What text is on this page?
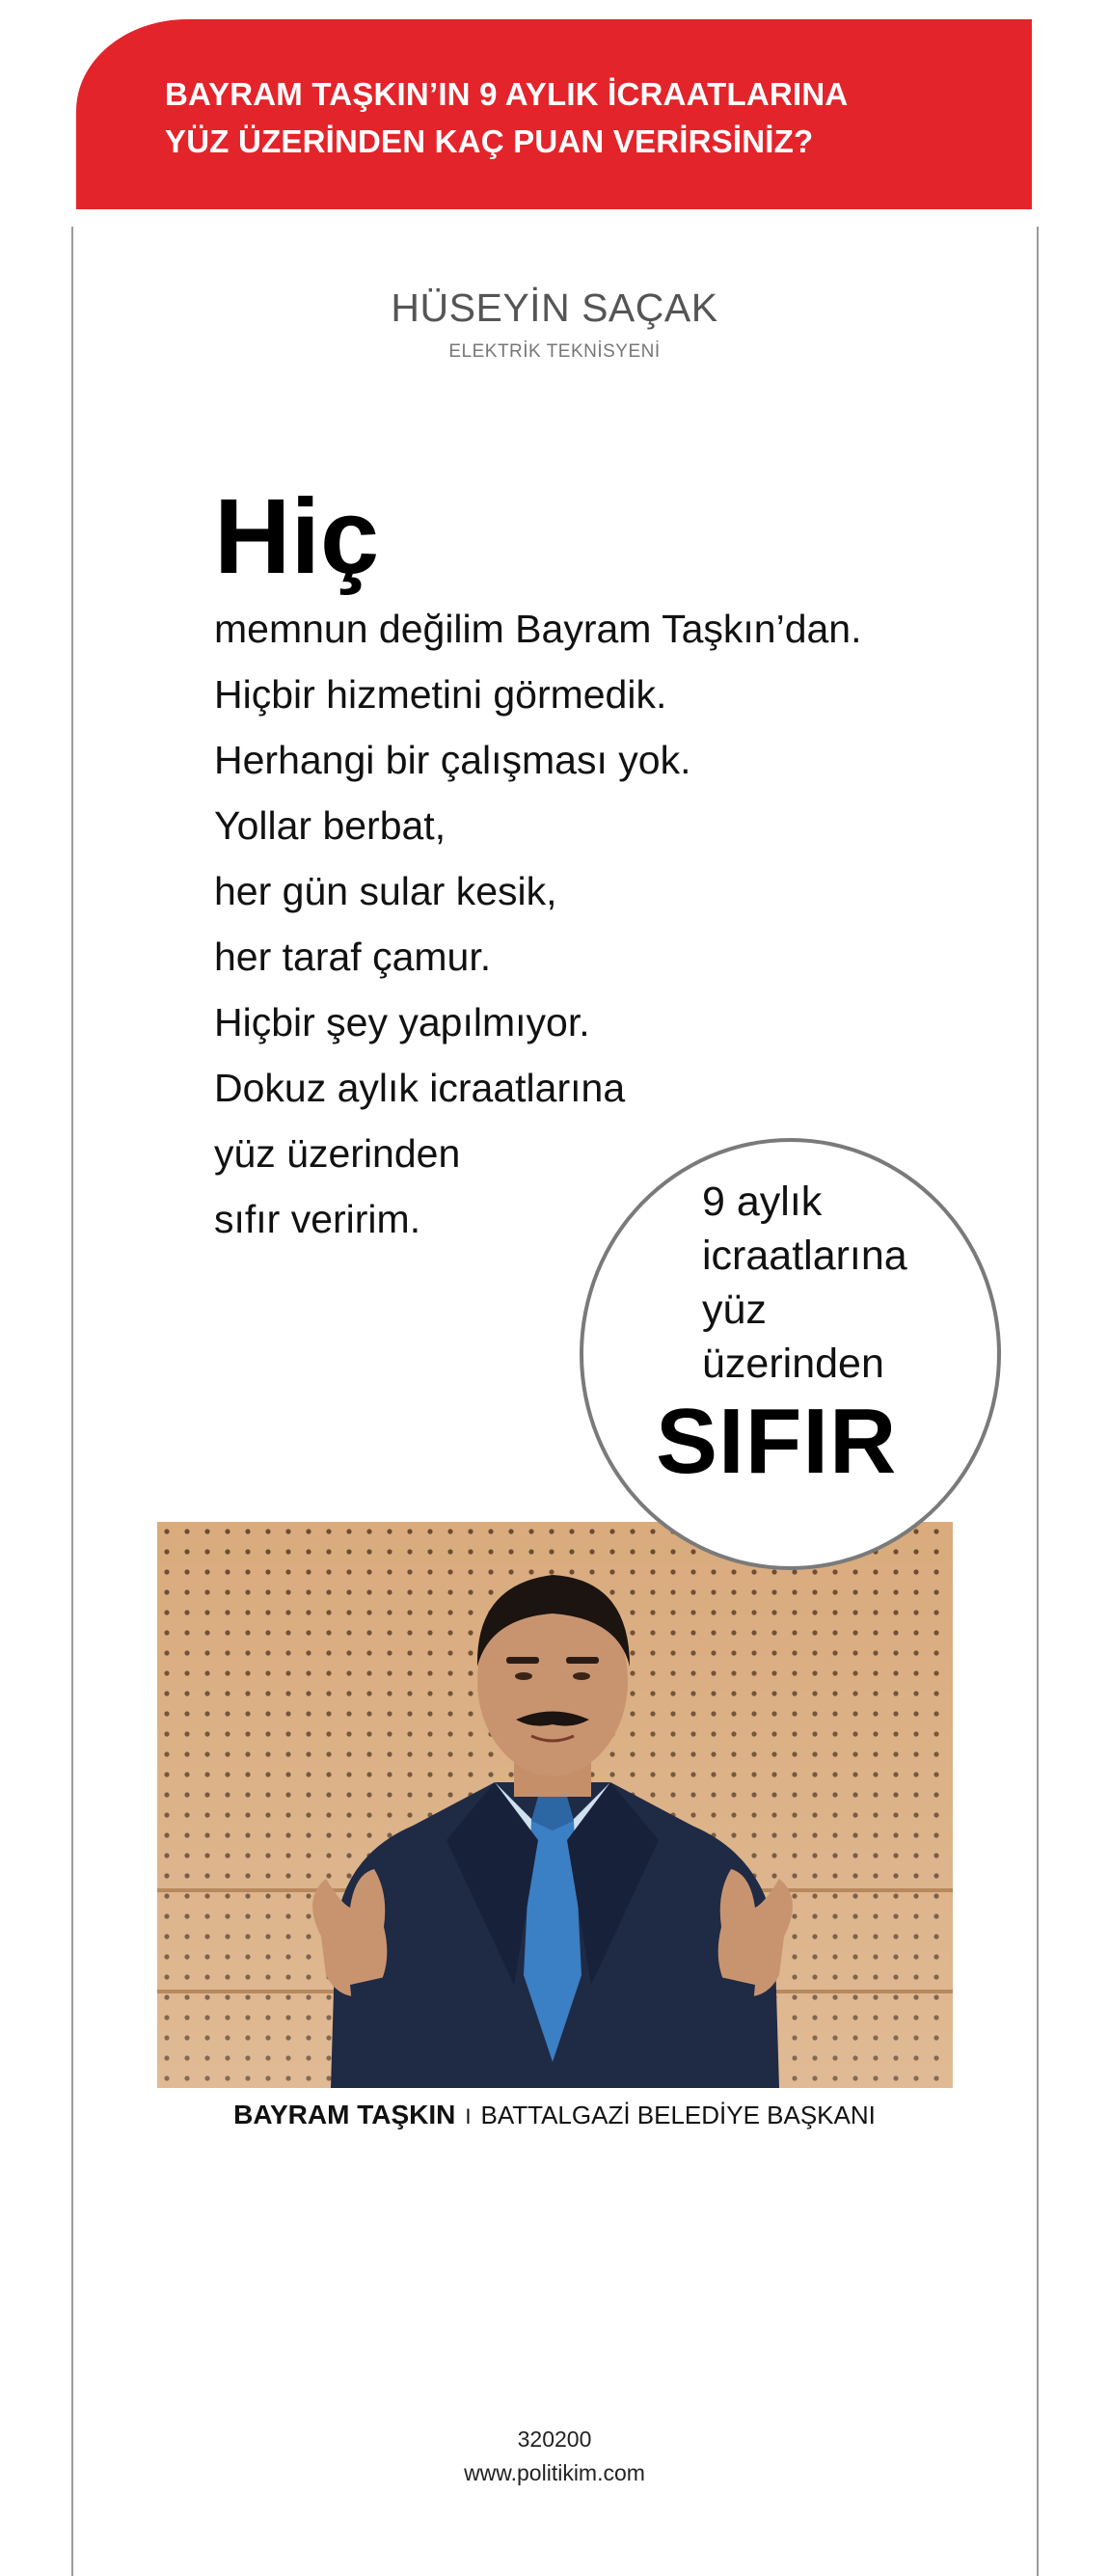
BAYRAM TAŞKIN’IN 9 AYLIK İCRAATLARINA
YÜZ ÜZERİNDEN KAÇ PUAN VERİRSİNİZ?
HÜSEYİN SAÇAK
ELEKTRİK TEKNİSYENİ
Hiç
memnun değilim Bayram Taşkın’dan.
Hiçbir hizmetini görmedik.
Herhangi bir çalışması yok.
Yollar berbat,
her gün sular kesik,
her taraf çamur.
Hiçbir şey yapılmıyor.
Dokuz aylık icraatlarına
yüz üzerinden
sıfır veririm.	9 aylık
icraatlarına
yüz
üzerinden
SIFIR
BAYRAM TAŞKIN I BATTALGAZİ BELEDİYE BAŞKANI
320200
www.politikim.com
